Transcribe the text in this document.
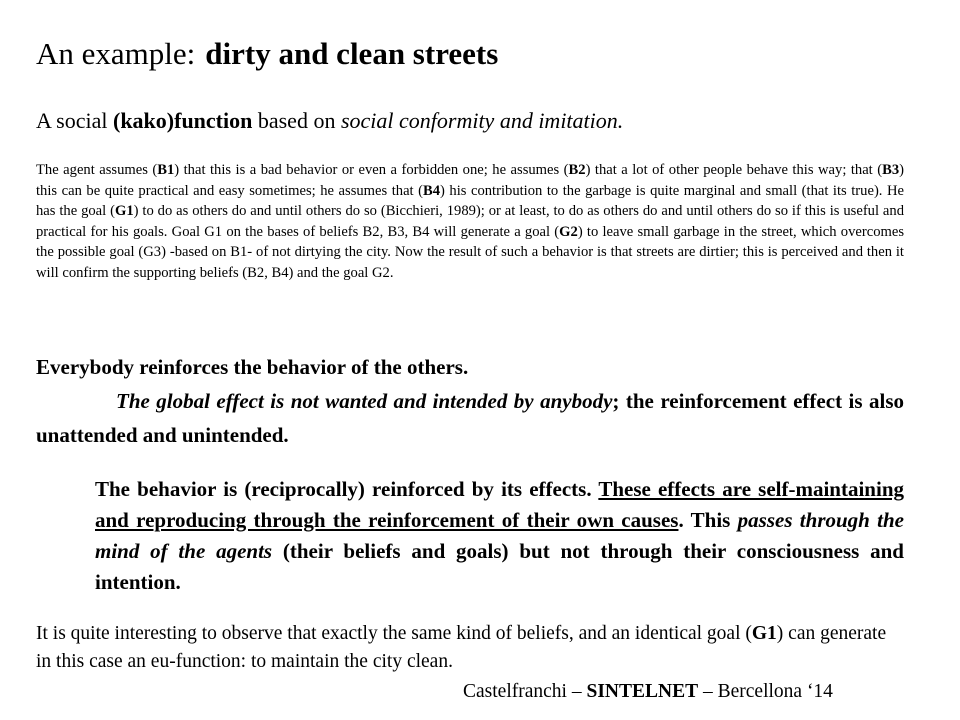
An example: dirty and clean streets
A social (kako)function based on social conformity and imitation.
The agent assumes (B1) that this is a bad behavior or even a forbidden one; he assumes (B2) that a lot of other people behave this way; that (B3) this can be quite practical and easy sometimes; he assumes that (B4) his contribution to the garbage is quite marginal and small (that its true). He has the goal (G1) to do as others do and until others do so (Bicchieri, 1989); or at least, to do as others do and until others do so if this is useful and practical for his goals. Goal G1 on the bases of beliefs B2, B3, B4 will generate a goal (G2) to leave small garbage in the street, which overcomes the possible goal (G3) -based on B1- of not dirtying the city. Now the result of such a behavior is that streets are dirtier; this is perceived and then it will confirm the supporting beliefs (B2, B4) and the goal G2.
Everybody reinforces the behavior of the others.
The global effect is not wanted and intended by anybody; the reinforcement effect is also unattended and unintended.
The behavior is (reciprocally) reinforced by its effects. These effects are self-maintaining and reproducing through the reinforcement of their own causes. This passes through the mind of the agents (their beliefs and goals) but not through their consciousness and intention.
It is quite interesting to observe that exactly the same kind of beliefs, and an identical goal (G1) can generate in this case an eu-function: to maintain the city clean.
Castelfranchi – SINTELNET – Bercellona ‘14
